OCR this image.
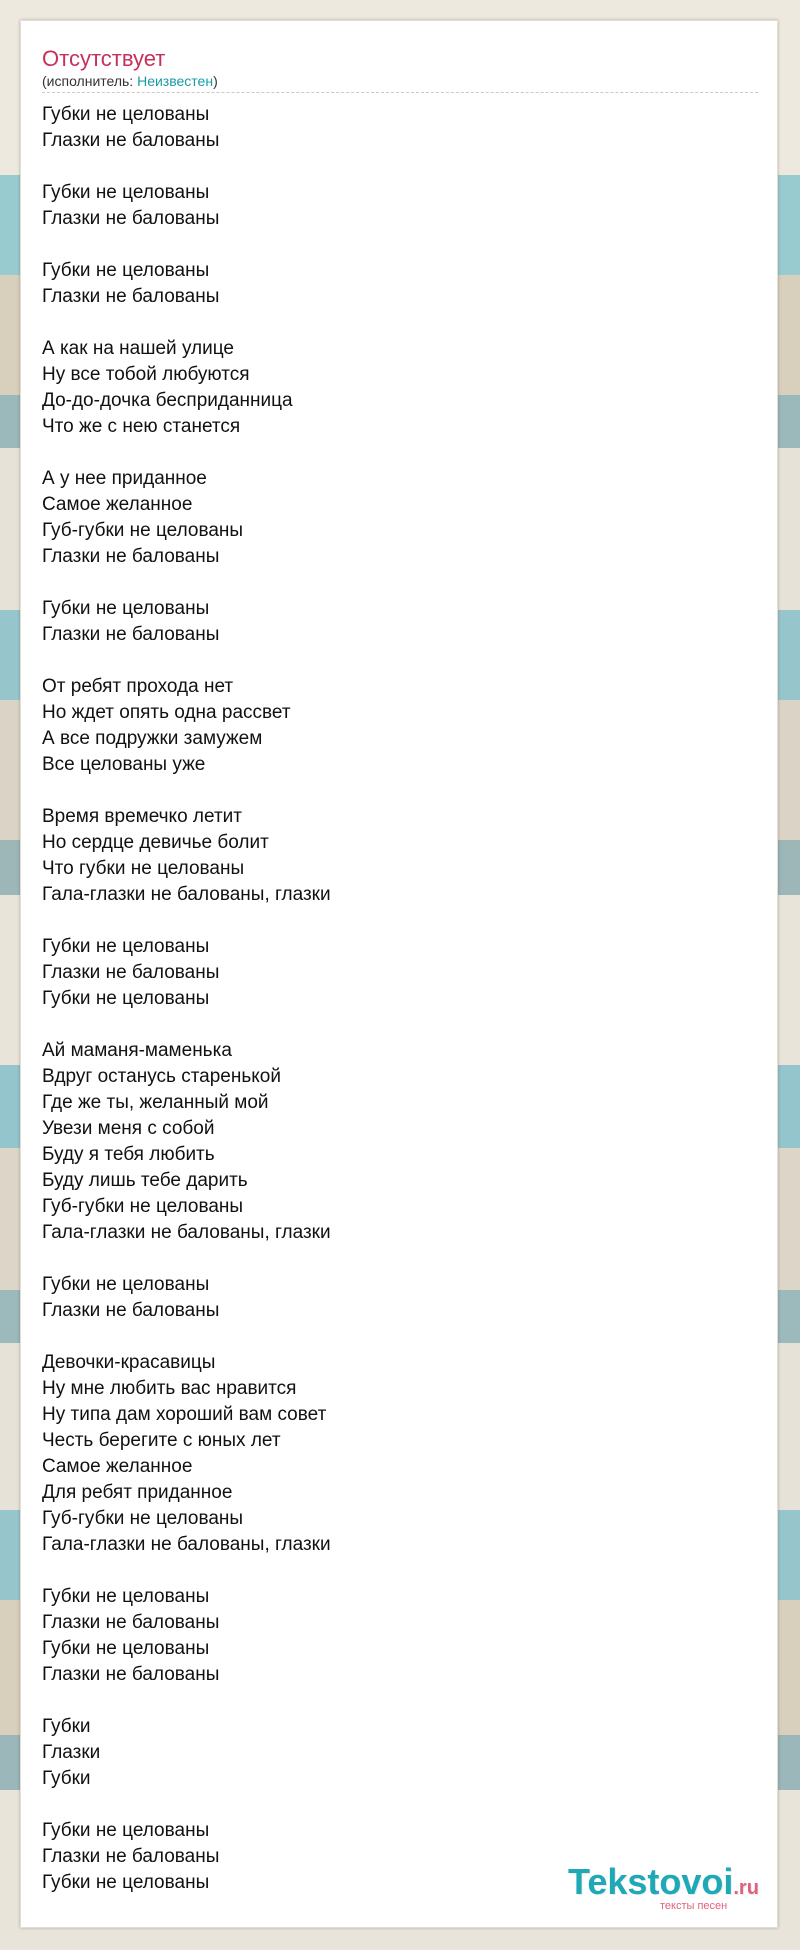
Отсутствует
(исполнитель: Неизвестен)
Губки не целованы
Глазки не балованы

Губки не целованы
Глазки не балованы

Губки не целованы
Глазки не балованы

А как на нашей улице
Ну все тобой любуются
До-до-дочка бесприданница
Что же с нею станется

А у нее приданное
Самое желанное
Губ-губки не целованы
Глазки не балованы

Губки не целованы
Глазки не балованы

От ребят прохода нет
Но ждет опять одна рассвет
А все подружки замужем
Все целованы уже

Время времечко летит
Но сердце девичье болит
Что губки не целованы
Гала-глазки не балованы, глазки

Губки не целованы
Глазки не балованы
Губки не целованы

Ай маманя-маменька
Вдруг останусь старенькой
Где же ты, желанный мой
Увези меня с собой
Буду я тебя любить
Буду лишь тебе дарить
Губ-губки не целованы
Гала-глазки не балованы, глазки

Губки не целованы
Глазки не балованы

Девочки-красавицы
Ну мне любить вас нравится
Ну типа дам хороший вам совет
Честь берегите с юных лет
Самое желанное
Для ребят приданное
Губ-губки не целованы
Гала-глазки не балованы, глазки

Губки не целованы
Глазки не балованы
Губки не целованы
Глазки не балованы

Губки
Глазки
Губки

Губки не целованы
Глазки не балованы
Губки не целованы	Tekstovoi.ru
тексты песен
